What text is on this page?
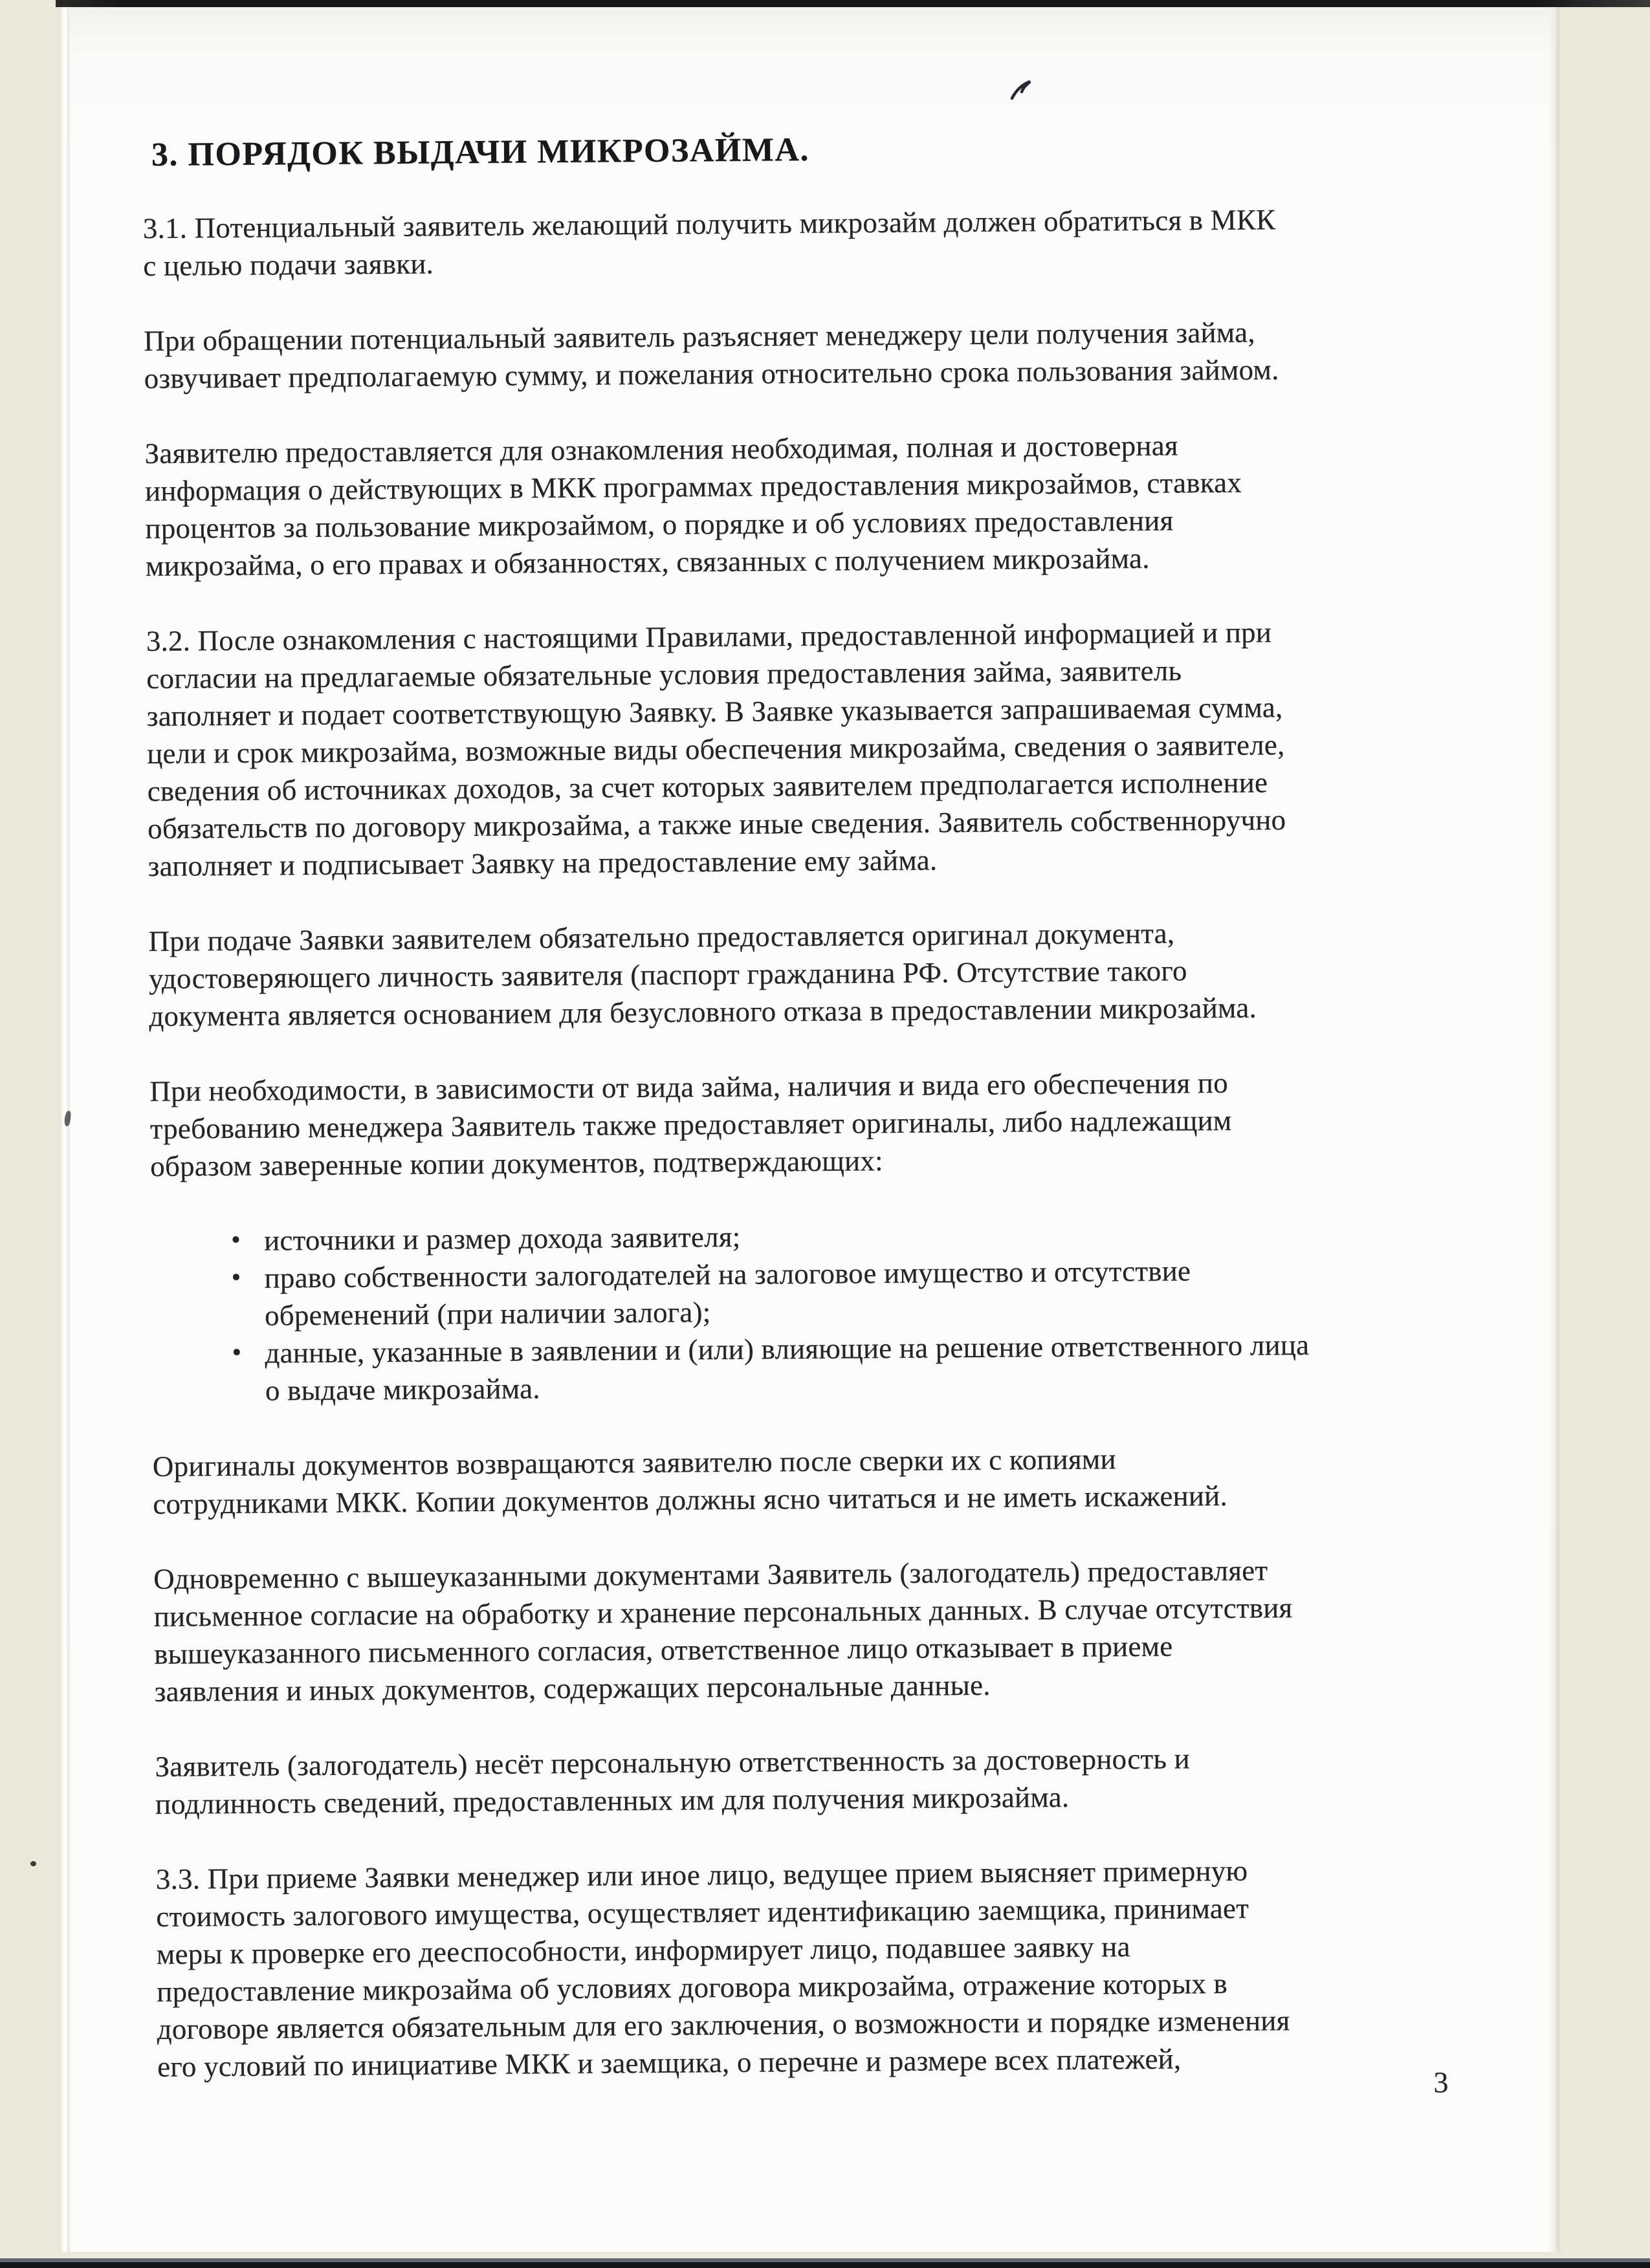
3. ПОРЯДОК ВЫДАЧИ МИКРОЗАЙМА.
3.1. Потенциальный заявитель желающий получить микрозайм должен обратиться в МКК
с целью подачи заявки.
При обращении потенциальный заявитель разъясняет менеджеру цели получения займа,
озвучивает предполагаемую сумму, и пожелания относительно срока пользования займом.
Заявителю предоставляется для ознакомления необходимая, полная и достоверная
информация о действующих в МКК программах предоставления микрозаймов, ставках
процентов за пользование микрозаймом, о порядке и об условиях предоставления
микрозайма, о его правах и обязанностях, связанных с получением микрозайма.
3.2. После ознакомления с настоящими Правилами, предоставленной информацией и при
согласии на предлагаемые обязательные условия предоставления займа, заявитель
заполняет и подает соответствующую Заявку. В Заявке указывается запрашиваемая сумма,
цели и срок микрозайма, возможные виды обеспечения микрозайма, сведения о заявителе,
сведения об источниках доходов, за счет которых заявителем предполагается исполнение
обязательств по договору микрозайма, а также иные сведения. Заявитель собственноручно
заполняет и подписывает Заявку на предоставление ему займа.
При подаче Заявки заявителем обязательно предоставляется оригинал документа,
удостоверяющего личность заявителя (паспорт гражданина РФ. Отсутствие такого
документа является основанием для безусловного отказа в предоставлении микрозайма.
При необходимости, в зависимости от вида займа, наличия и вида его обеспечения по
требованию менеджера Заявитель также предоставляет оригиналы, либо надлежащим
образом заверенные копии документов, подтверждающих:
• источники и размер дохода заявителя;
• право собственности залогодателей на залоговое имущество и отсутствие
обременений (при наличии залога);
• данные, указанные в заявлении и (или) влияющие на решение ответственного лица
о выдаче микрозайма.
Оригиналы документов возвращаются заявителю после сверки их с копиями
сотрудниками МКК. Копии документов должны ясно читаться и не иметь искажений.
Одновременно с вышеуказанными документами Заявитель (залогодатель) предоставляет
письменное согласие на обработку и хранение персональных данных. В случае отсутствия
вышеуказанного письменного согласия, ответственное лицо отказывает в приеме
заявления и иных документов, содержащих персональные данные.
Заявитель (залогодатель) несёт персональную ответственность за достоверность и
подлинность сведений, предоставленных им для получения микрозайма.
3.3. При приеме Заявки менеджер или иное лицо, ведущее прием выясняет примерную
стоимость залогового имущества, осуществляет идентификацию заемщика, принимает
меры к проверке его дееспособности, информирует лицо, подавшее заявку на
предоставление микрозайма об условиях договора микрозайма, отражение которых в
договоре является обязательным для его заключения, о возможности и порядке изменения
его условий по инициативе МКК и заемщика, о перечне и размере всех платежей,	3
